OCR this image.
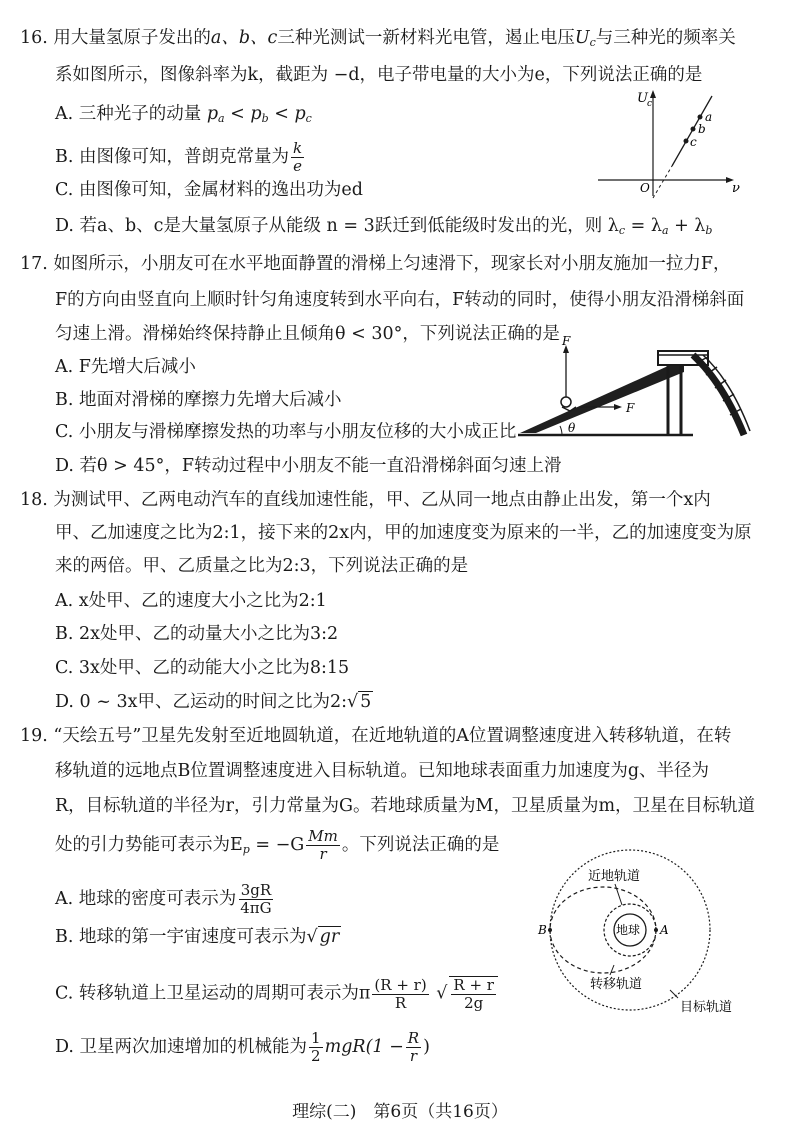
16. 用大量氢原子发出的a、b、c三种光测试一新材料光电管，遏止电压$U_c$与三种光的频率关
系如图所示，图像斜率为k，截距为 −d，电子带电量的大小为e，下列说法正确的是
A. 三种光子的动量 $p_a < p_b < p_c$
B. 由图像可知，普朗克常量为 $\frac{k}{e}$
C. 由图像可知，金属材料的逸出功为ed
D. 若a、b、c是大量氢原子从能级 n = 3跃迁到低能级时发出的光，则 $\lambda_c = \lambda_a + \lambda_b$
U c
ν
O
a
b
c
17. 如图所示，小朋友可在水平地面静置的滑梯上匀速滑下，现家长对小朋友施加一拉力F，
F的方向由竖直向上顺时针匀角速度转到水平向右，F转动的同时，使得小朋友沿滑梯斜面
匀速上滑。滑梯始终保持静止且倾角θ < 30°，下列说法正确的是
A. F先增大后减小
B. 地面对滑梯的摩擦力先增大后减小
C. 小朋友与滑梯摩擦发热的功率与小朋友位移的大小成正比
D. 若θ > 45°，F转动过程中小朋友不能一直沿滑梯斜面匀速上滑
F
F
θ
18. 为测试甲、乙两电动汽车的直线加速性能，甲、乙从同一地点由静止出发，第一个x内
甲、乙加速度之比为2:1，接下来的2x内，甲的加速度变为原来的一半，乙的加速度变为原
来的两倍。甲、乙质量之比为2:3，下列说法正确的是
A. x处甲、乙的速度大小之比为2:1
B. 2x处甲、乙的动量大小之比为3:2
C. 3x处甲、乙的动能大小之比为8:15
D. 0 ~ 3x甲、乙运动的时间之比为2:√ 5
19. “天绘五号”卫星先发射至近地圆轨道，在近地轨道的A位置调整速度进入转移轨道，在转
移轨道的远地点B位置调整速度进入目标轨道。已知地球表面重力加速度为g、半径为
R，目标轨道的半径为r，引力常量为G。若地球质量为M，卫星质量为m，卫星在目标轨道
处的引力势能可表示为$E_p = -G \frac{Mm}{r}$ 。下列说法正确的是
A. 地球的密度可表示为 $\frac{3gR}{4\pi G}$
B. 地球的第一宇宙速度可表示为√ gr
C. 转移轨道上卫星运动的周期可表示为π $\frac{(R + r)}{R}$ √ $\frac{R + r}{2g}$
D. 卫星两次加速增加的机械能为 $\frac{1}{2} mgR(1 - \frac{R}{r}$ )
地球 A
B
近地轨道
转移轨道
目标轨道
理综(二)　第6页（共16页）
